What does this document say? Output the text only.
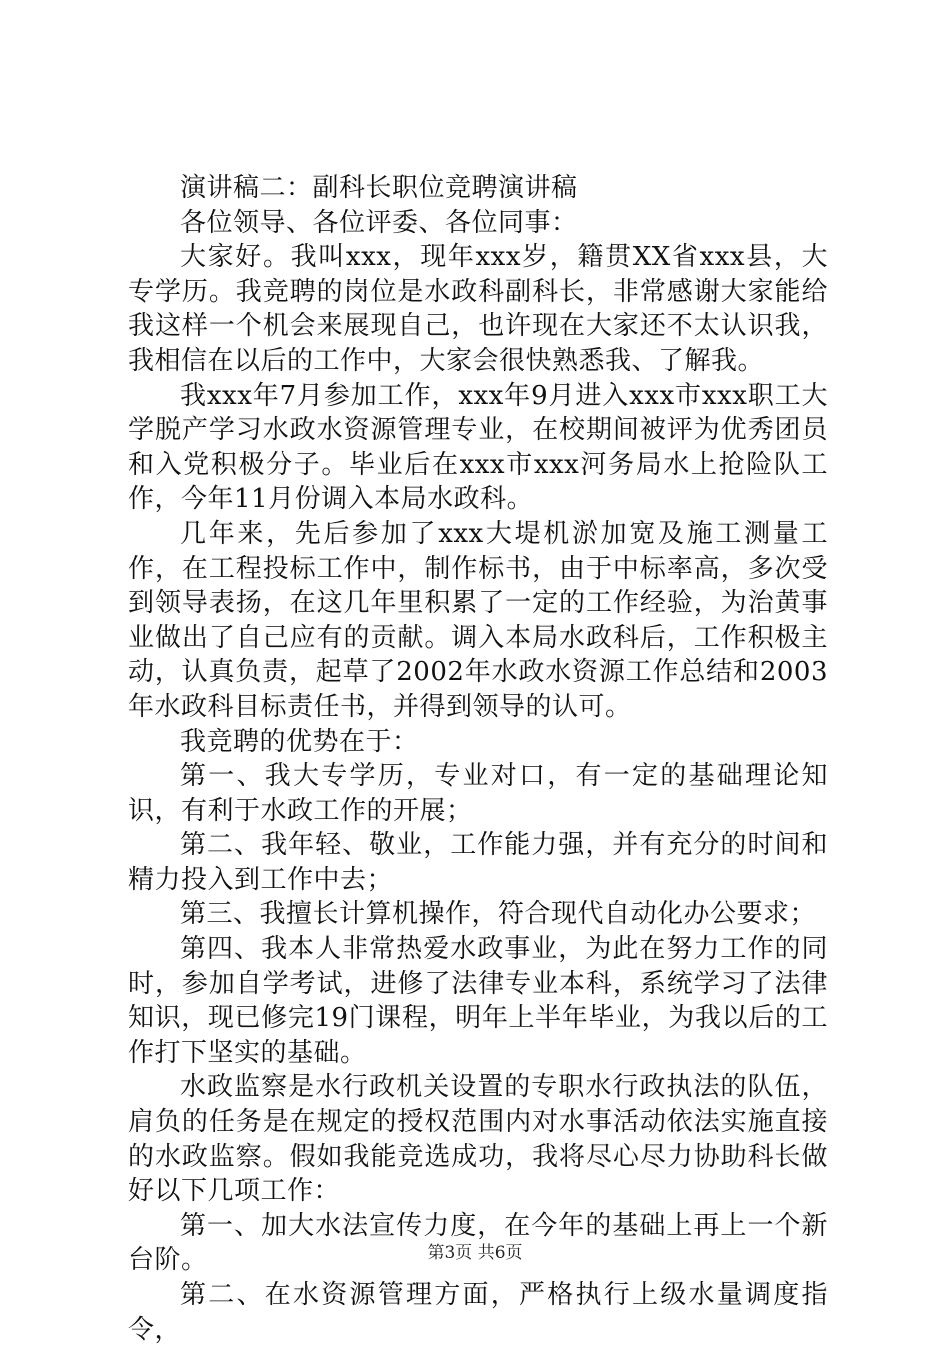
演讲稿二：副科长职位竞聘演讲稿

各位领导、各位评委、各位同事：

大家好。我叫xxx，现年xxx岁，籍贯XX省xxx县，大专学历。我竞聘的岗位是水政科副科长，非常感谢大家能给我这样一个机会来展现自己，也许现在大家还不太认识我，我相信在以后的工作中，大家会很快熟悉我、了解我。

我xxx年7月参加工作，xxx年9月进入xxx市xxx职工大学脱产学习水政水资源管理专业，在校期间被评为优秀团员和入党积极分子。毕业后在xxx市xxx河务局水上抢险队工作，今年11月份调入本局水政科。

几年来，先后参加了xxx大堤机淤加宽及施工测量工作，在工程投标工作中，制作标书，由于中标率高，多次受到领导表扬，在这几年里积累了一定的工作经验，为治黄事业做出了自己应有的贡献。调入本局水政科后，工作积极主动，认真负责，起草了2002年水政水资源工作总结和2003年水政科目标责任书，并得到领导的认可。

我竞聘的优势在于：

第一、我大专学历，专业对口，有一定的基础理论知识，有利于水政工作的开展；

第二、我年轻、敬业，工作能力强，并有充分的时间和精力投入到工作中去；

第三、我擅长计算机操作，符合现代自动化办公要求；

第四、我本人非常热爱水政事业，为此在努力工作的同时，参加自学考试，进修了法律专业本科，系统学习了法律知识，现已修完19门课程，明年上半年毕业，为我以后的工作打下坚实的基础。

水政监察是水行政机关设置的专职水行政执法的队伍，肩负的任务是在规定的授权范围内对水事活动依法实施直接的水政监察。假如我能竞选成功，我将尽心尽力协助科长做好以下几项工作：

第一、加大水法宣传力度，在今年的基础上再上一个新台阶。

第二、在水资源管理方面，严格执行上级水量调度指令，

第3页 共6页
